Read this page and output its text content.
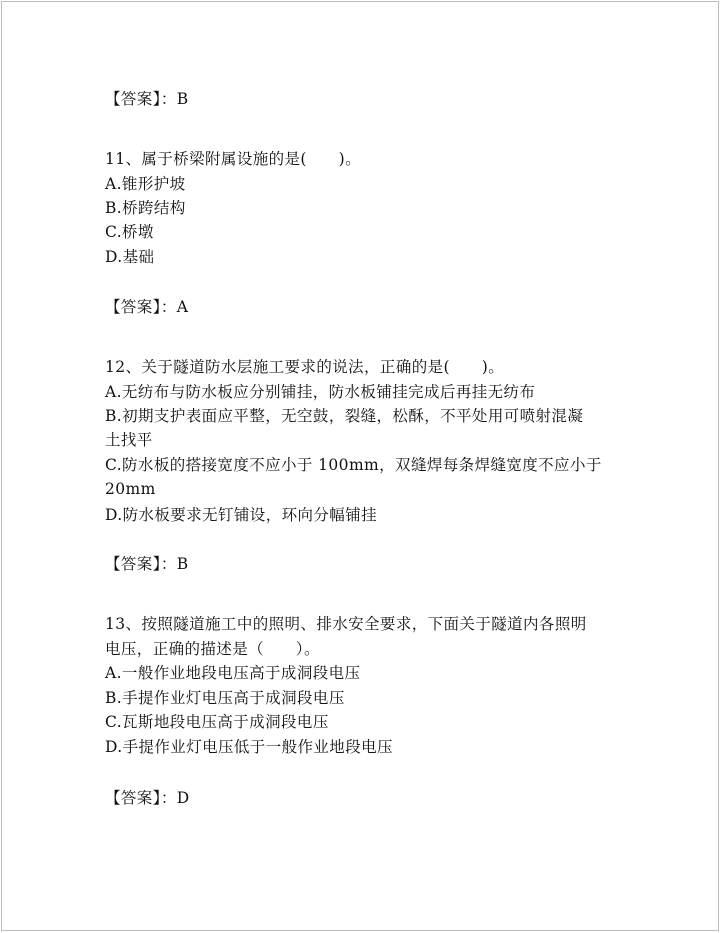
【答案】：B
11、属于桥梁附属设施的是(　　)。
A.锥形护坡
B.桥跨结构
C.桥墩
D.基础
【答案】：A
12、关于隧道防水层施工要求的说法，正确的是(　　)。
A.无纺布与防水板应分别铺挂，防水板铺挂完成后再挂无纺布
B.初期支护表面应平整，无空鼓，裂缝，松酥，不平处用可喷射混凝
土找平
C.防水板的搭接宽度不应小于 100mm，双缝焊每条焊缝宽度不应小于
20mm
D.防水板要求无钉铺设，环向分幅铺挂
【答案】：B
13、按照隧道施工中的照明、排水安全要求，下面关于隧道内各照明
电压，正确的描述是（　　）。
A.一般作业地段电压高于成洞段电压
B.手提作业灯电压高于成洞段电压
C.瓦斯地段电压高于成洞段电压
D.手提作业灯电压低于一般作业地段电压
【答案】：D
